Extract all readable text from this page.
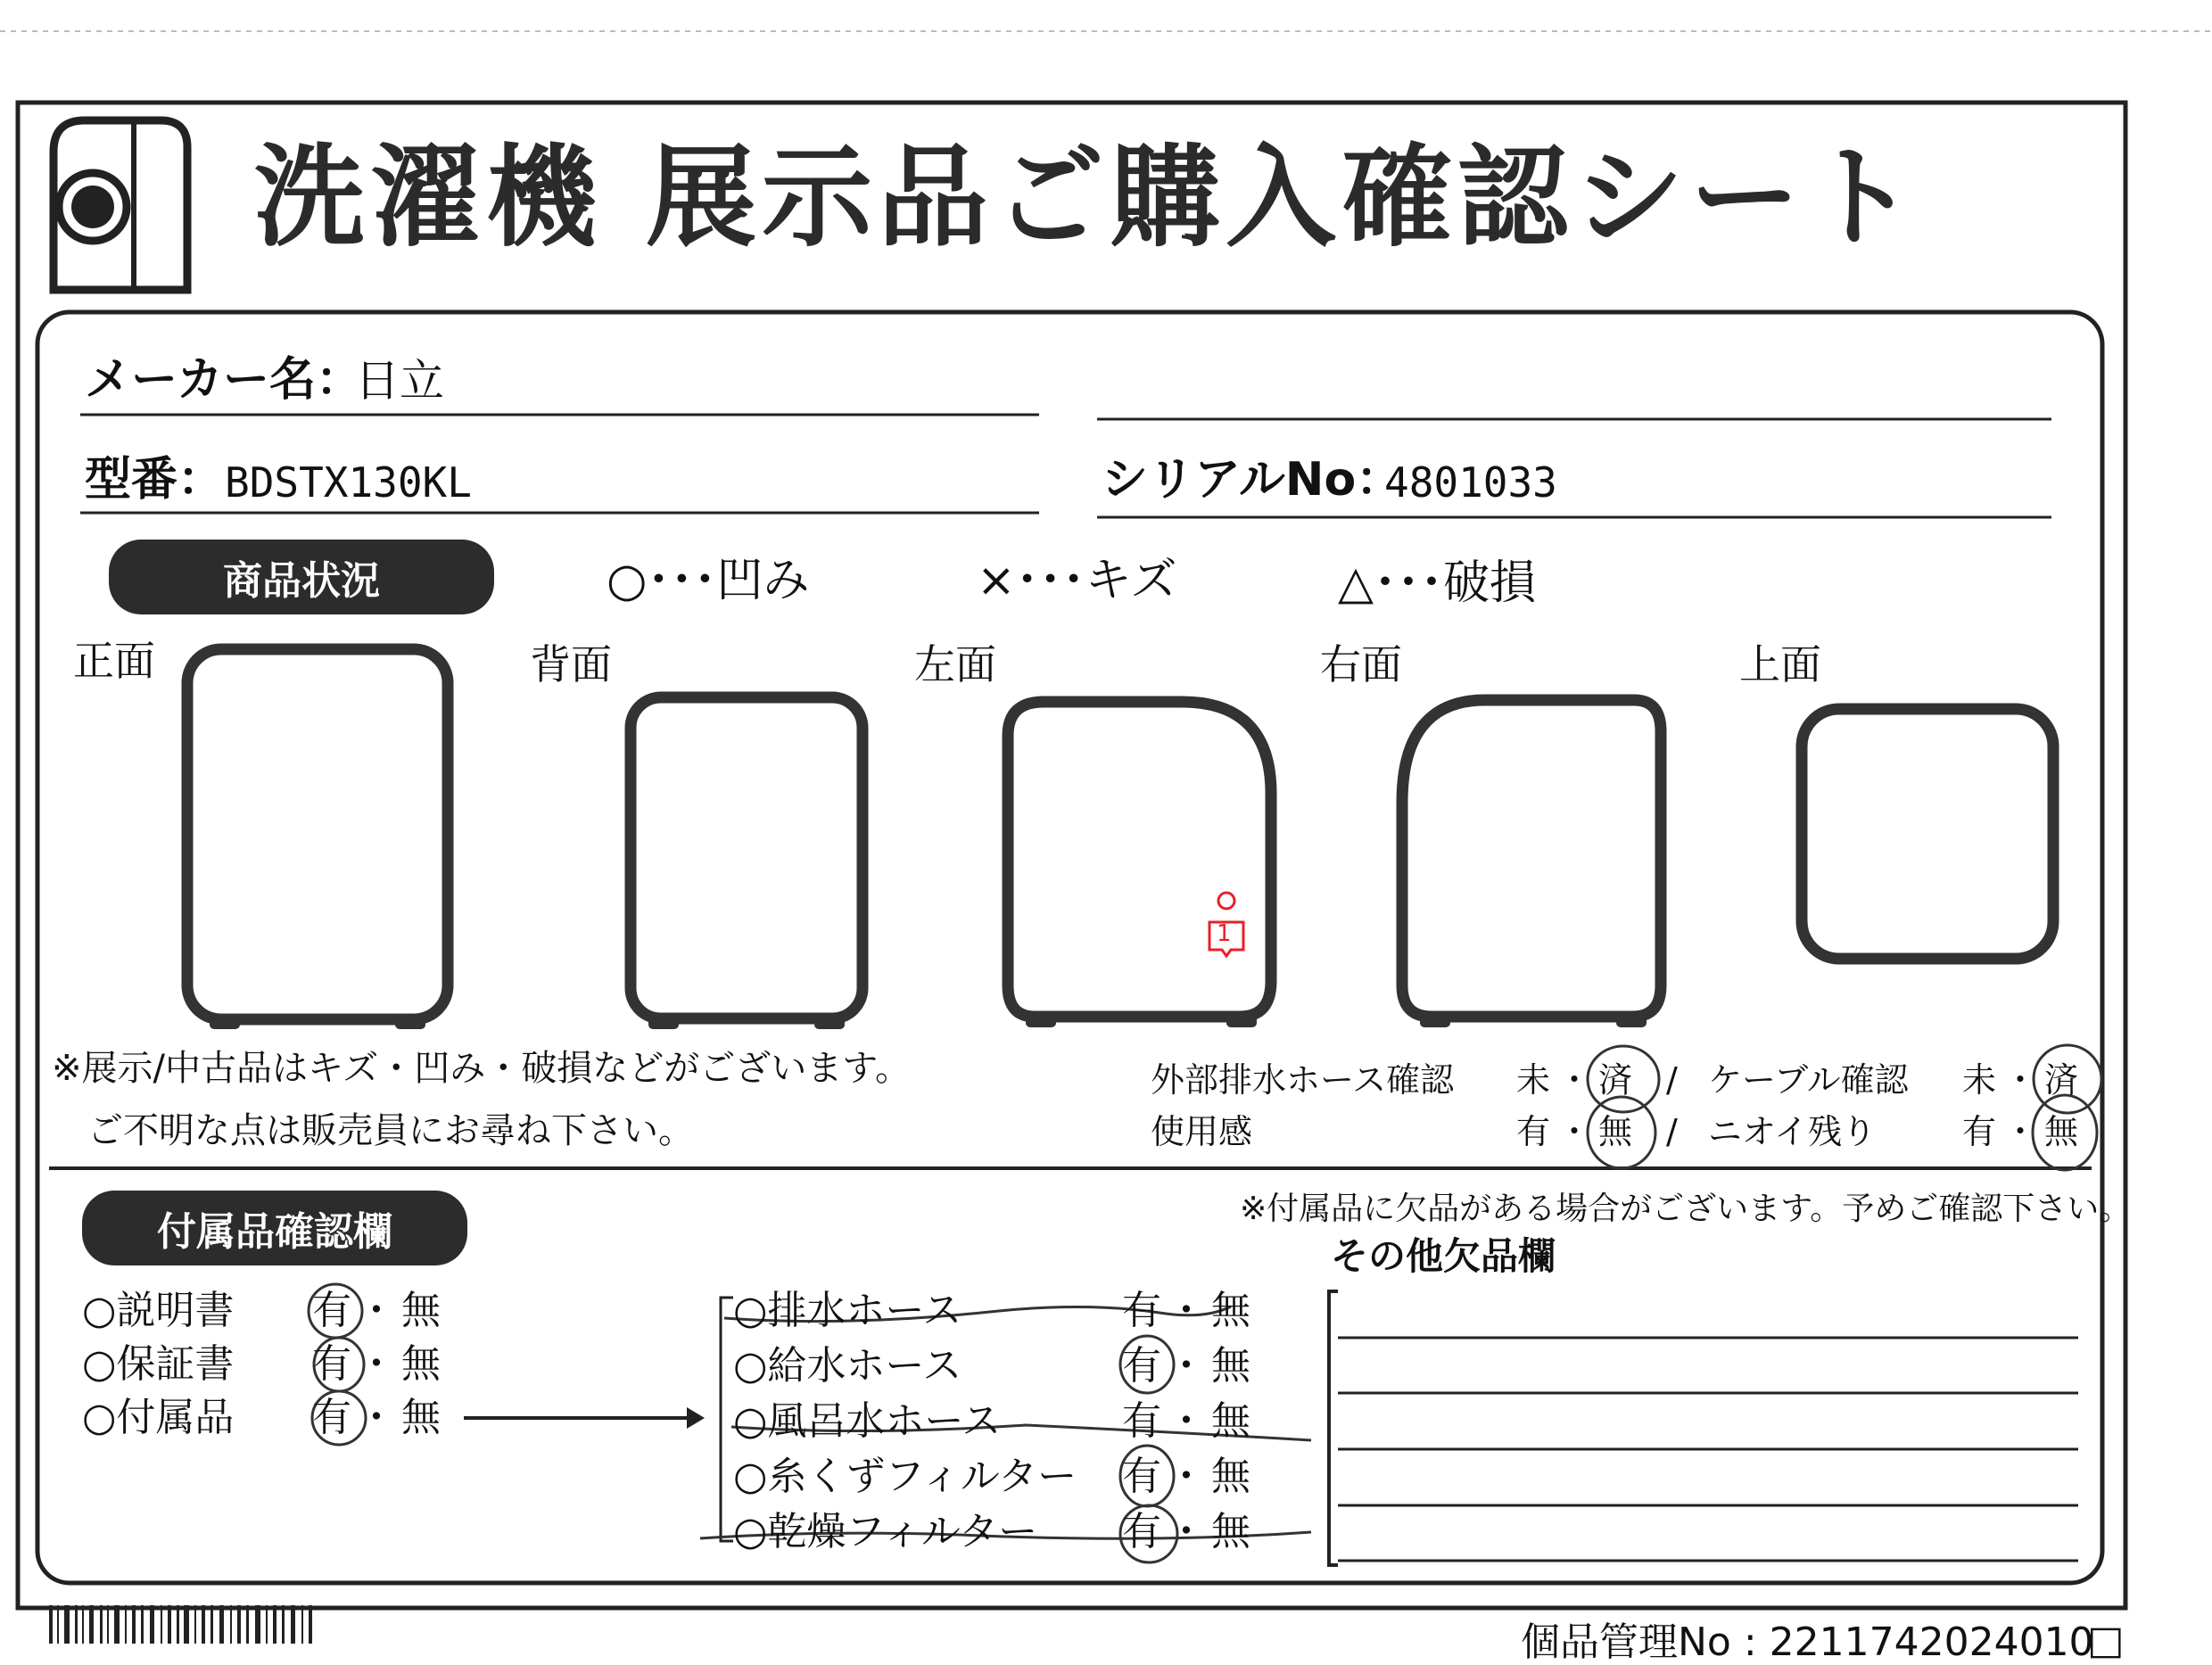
洗濯機 展示品ご購入確認シート
メーカー名：
日立
型番： BDSTX130KL	シリアルNo：
4801033
商品状況	○･･･凹み	×･･･キズ	△･･･破損
正面	背面	左面	右面	上面
1
※展示/中古品はキズ・凹み・破損などがございます。
ご不明な点は販売員にお尋ね下さい。
外部排水ホース確認 未・済 / ケーブル確認 未・済
使用感	有・無 / ニオイ残り	有・無
付属品確認欄
※付属品に欠品がある場合がございます。予めご確認下さい。
○説明書 有・無
○保証書 有・無
○付属品 有・無
○排水ホース	有・無
○給水ホース	有・無
○風呂水ホース	有・無
○糸くずフィルター 有・無
○乾燥フィルター 有・無
その他欠品欄
個品管理No : 2211742024010
□
